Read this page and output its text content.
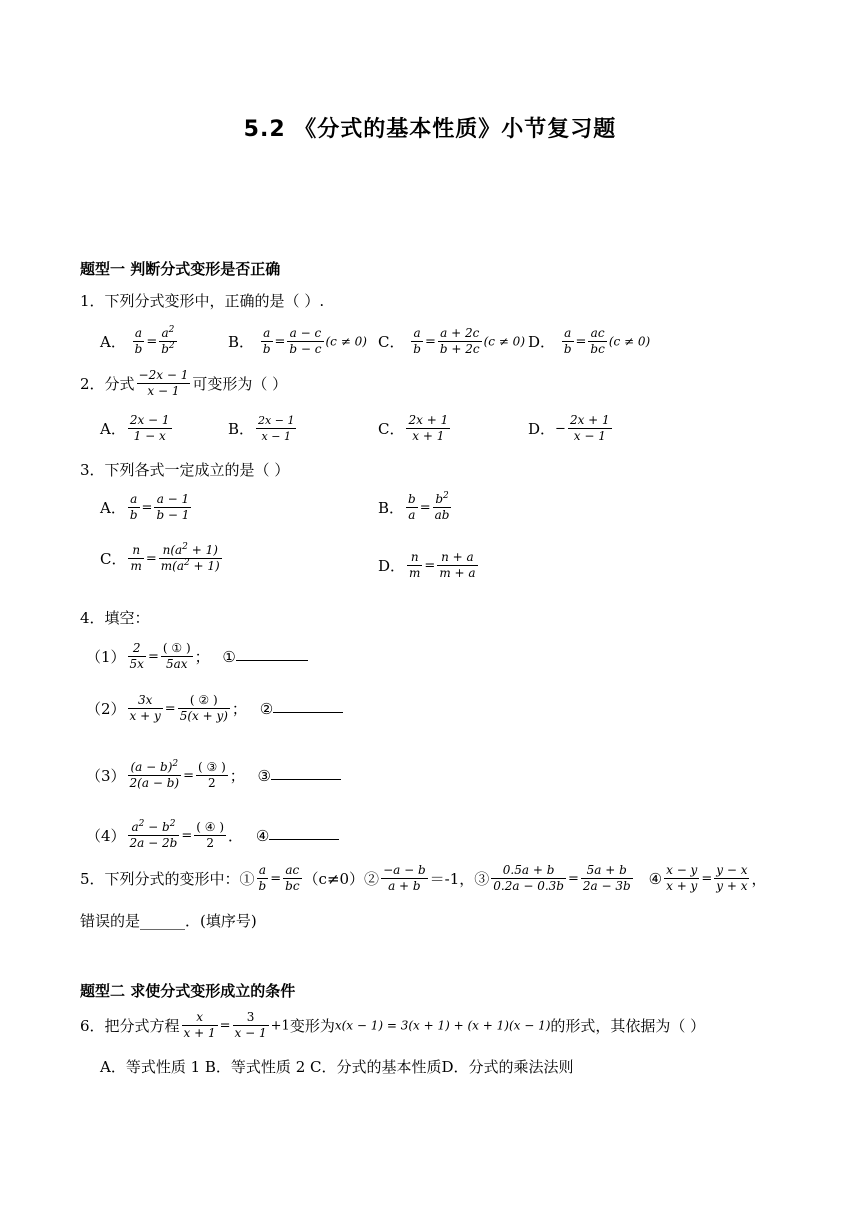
5.2 《分式的基本性质》小节复习题
题型一 判断分式变形是否正确
1．下列分式变形中，正确的是（ ）.
A． $\frac{a}{b} = \frac{a^2}{b^2}$	B． $\frac{a}{b} = \frac{a - c}{b - c} (c \ne 0)$ C． $\frac{a}{b} = \frac{a + 2c}{b + 2c} (c \ne 0)$ D． $\frac{a}{b} = \frac{ac}{bc} (c \ne 0)$
2．分式 $\frac{-2x - 1}{x - 1}$ 可变形为（ ）
A． $\frac{2x - 1}{1 - x}$	B． $\frac{2x - 1}{x - 1}$	C． $\frac{2x + 1}{x + 1}$	D．− $\frac{2x + 1}{x - 1}$
3．下列各式一定成立的是（ ）
A． $\frac{a}{b} = \frac{a - 1}{b - 1}$	B． $\frac{b}{a} = \frac{b^2}{ab}$
C． $\frac{n}{m} = \frac{n(a^2 + 1)}{m(a^2 + 1)}$	D． $\frac{n}{m} = \frac{n + a}{m + a}$
4．填空：
$(1) \frac{2}{5x} = \frac{\text{( ① )}}{5ax}$ ； ①
$(2) \frac{3x}{x + y} = \frac{\text{( ② )}}{5(x + y)}$ ； ②
$(3) \frac{(a - b)^2}{2(a - b)} = \frac{\text{( ③ )}}{2}$ ； ③
$(4) \frac{a^2 - b^2}{2a - 2b} = \frac{\text{( ④ )}}{2}$ ． ④
5．下列分式的变形中：① $\frac{a}{b} = \frac{ac}{bc}$ （c≠0）② $\frac{-a - b}{a + b} =-1$，③ $\frac{0.5a + b}{0.2a - 0.3b} = \frac{5a + b}{2a - 3b}$ ④ $\frac{x - y}{x + y} = \frac{y - x}{y + x}$ ，
错误的是______．(填序号)
题型二 求使分式变形成立的条件
6．把分式方程 $\frac{x}{x + 1} = \frac{3}{x - 1} +1$变形为x(x − 1) = 3(x + 1) + (x + 1)(x − 1)的形式，其依据为（ ）
A．等式性质 1 B．等式性质 2 C．分式的基本性质D．分式的乘法法则
